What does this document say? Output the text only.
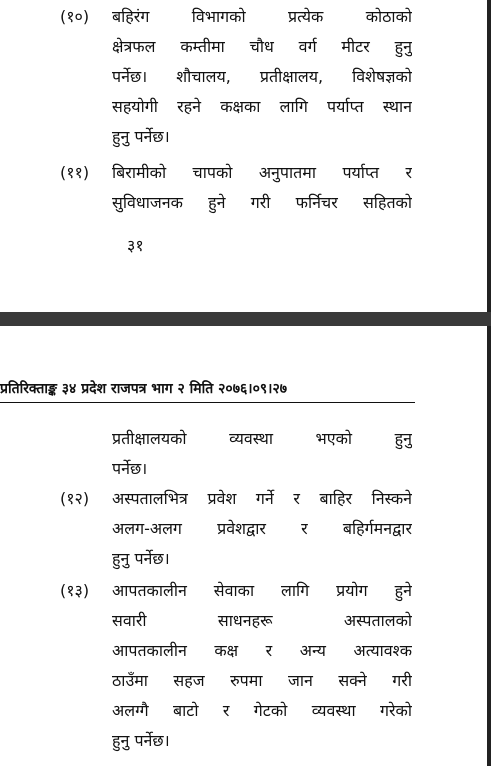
(१०) बहिरंग विभागको प्रत्येक कोठाको
क्षेत्रफल कम्तीमा चौध वर्ग मीटर हुनु
पर्नेछ। शौचालय, प्रतीक्षालय, विशेषज्ञको
सहयोगी रहने कक्षका लागि पर्याप्त स्थान
हुनु पर्नेछ।
(११) बिरामीको चापको अनुपातमा पर्याप्त र
सुविधाजनक हुने गरी फर्निचर सहितको
३१
प्रतिरिक्ताङ्क ३४ प्रदेश राजपत्र भाग २ मिति २०७६।०९।२७
प्रतीक्षालयको व्यवस्था भएको हुनु
पर्नेछ।
(१२) अस्पतालभित्र प्रवेश गर्ने र बाहिर निस्कने
अलग-अलग प्रवेशद्वार र बहिर्गमनद्वार
हुनु पर्नेछ।
(१३) आपतकालीन सेवाका लागि प्रयोग हुने
सवारी साधनहरू अस्पतालको
आपतकालीन कक्ष र अन्य अत्यावश्क
ठाउँमा सहज रुपमा जान सक्ने गरी
अलग्गै बाटो र गेटको व्यवस्था गरेको
हुनु पर्नेछ।
